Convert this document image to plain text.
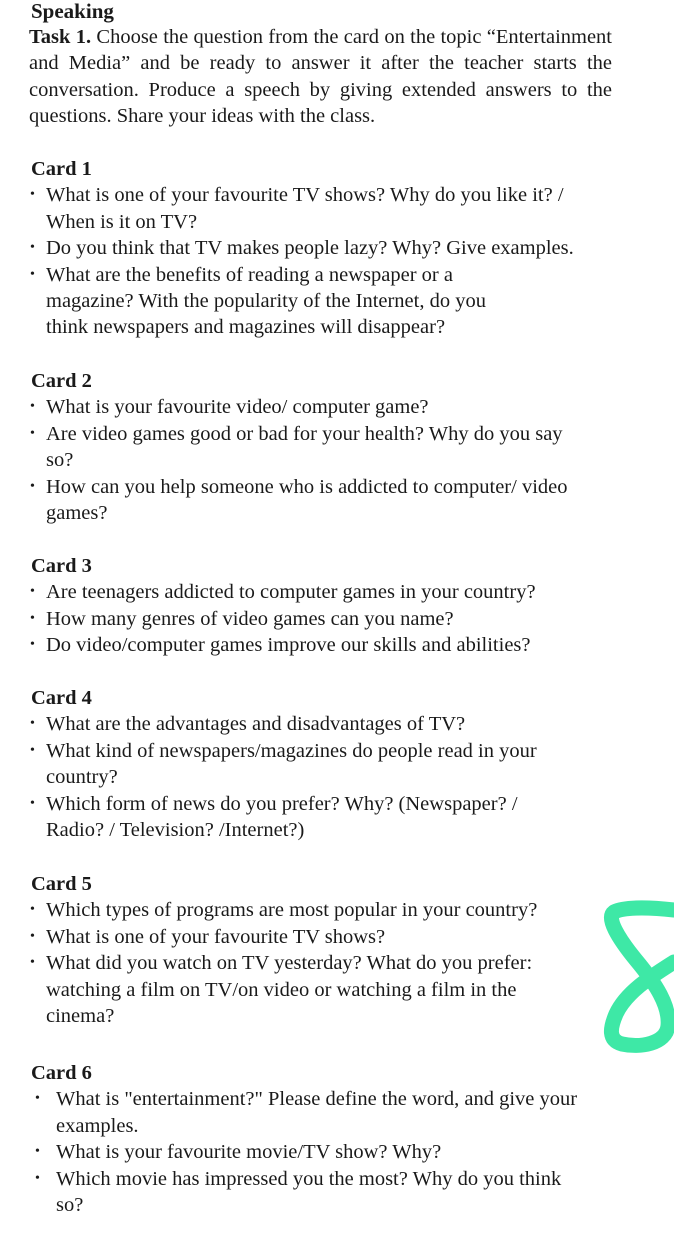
Speaking

Task 1. Choose the question from the card on the topic “Entertainment and Media” and be ready to answer it after the teacher starts the conversation. Produce a speech by giving extended answers to the questions. Share your ideas with the class.

Card 1
• What is one of your favourite TV shows? Why do you like it? /
When is it on TV?
• Do you think that TV makes people lazy? Why? Give examples.
• What are the benefits of reading a newspaper or a
magazine? With the popularity of the Internet, do you
think newspapers and magazines will disappear?
Card 2
• What is your favourite video/ computer game?
• Are video games good or bad for your health? Why do you say
so?
• How can you help someone who is addicted to computer/ video
games?
Card 3
• Are teenagers addicted to computer games in your country?
• How many genres of video games can you name?
• Do video/computer games improve our skills and abilities?
Card 4
• What are the advantages and disadvantages of TV?
• What kind of newspapers/magazines do people read in your
country?
• Which form of news do you prefer? Why? (Newspaper? /
Radio? / Television? /Internet?)
Card 5
• Which types of programs are most popular in your country?
• What is one of your favourite TV shows?
• What did you watch on TV yesterday? What do you prefer:
watching a film on TV/on video or watching a film in the
cinema?
Card 6
• What is "entertainment?" Please define the word, and give your
examples.
• What is your favourite movie/TV show? Why?
• Which movie has impressed you the most? Why do you think
so?
